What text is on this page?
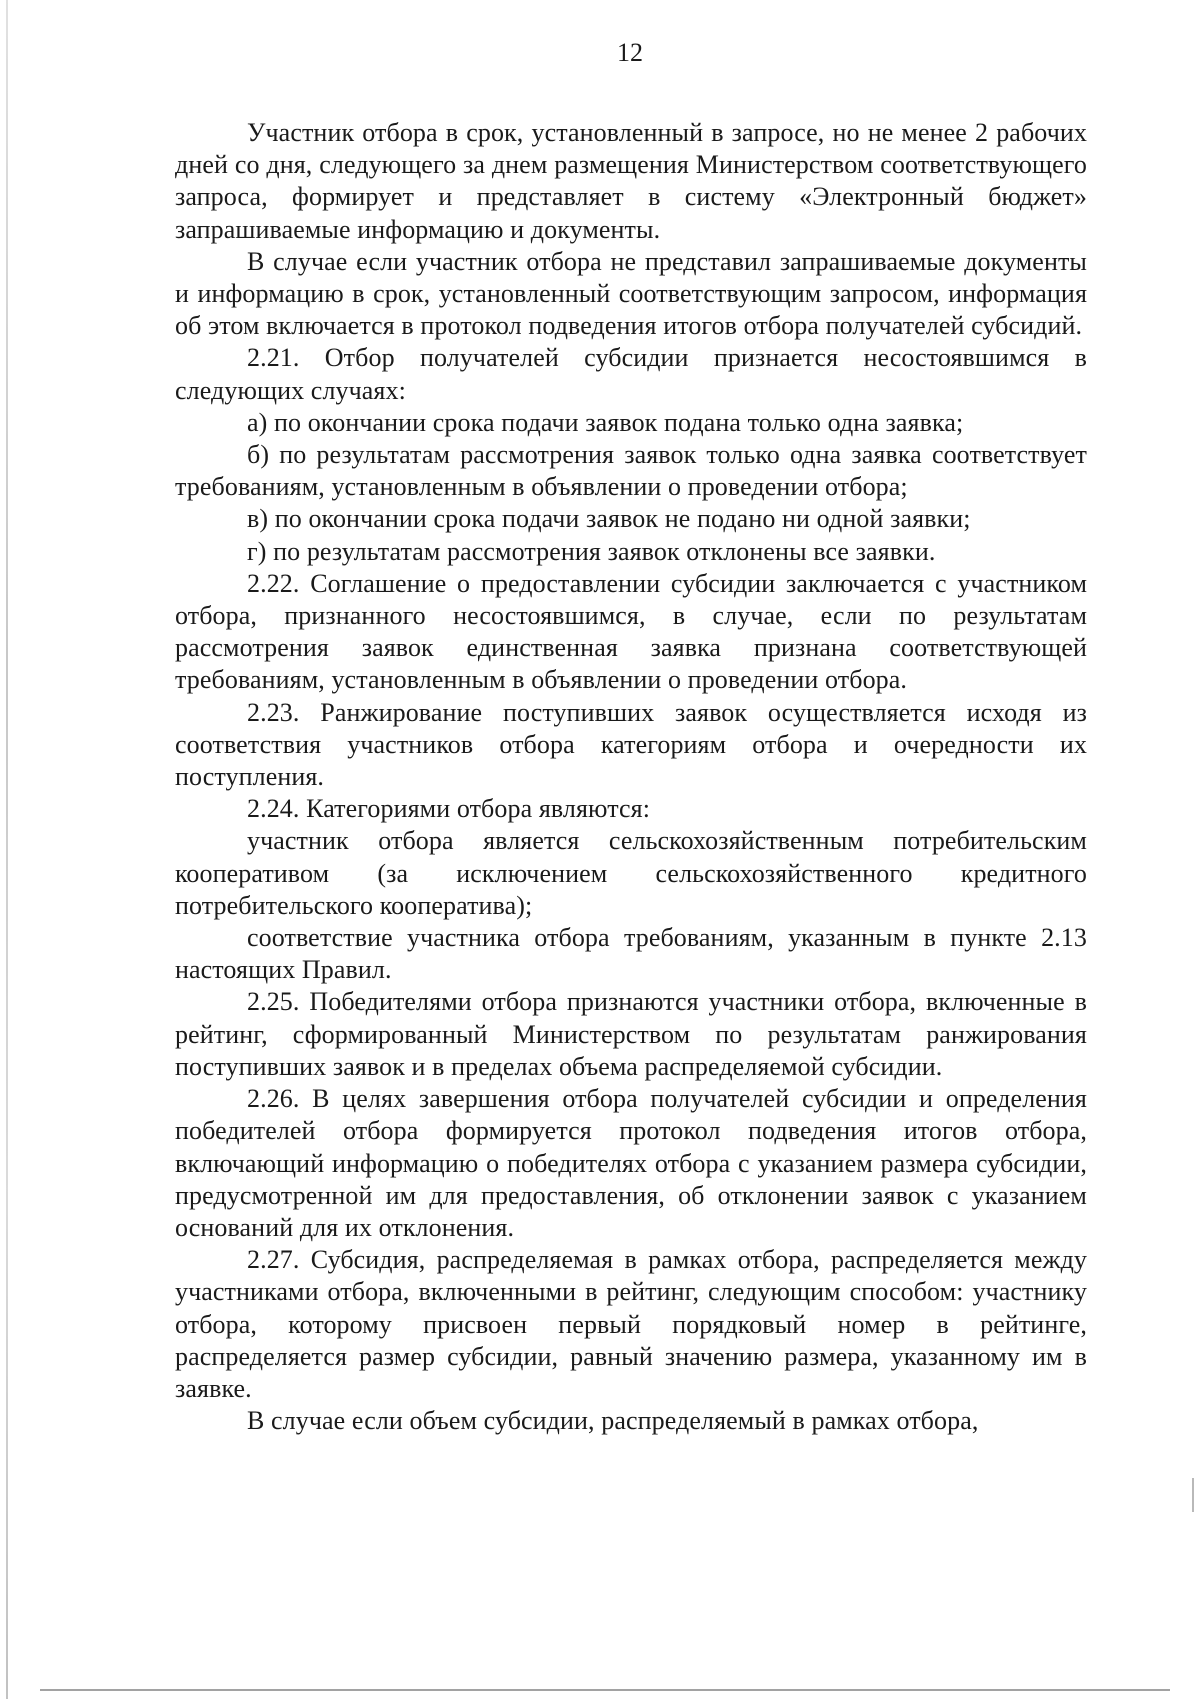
12

Участник отбора в срок, установленный в запросе, но не менее 2 рабочих дней со дня, следующего за днем размещения Министерством соответствующего запроса, формирует и представляет в систему «Электронный бюджет» запрашиваемые информацию и документы.

В случае если участник отбора не представил запрашиваемые документы и информацию в срок, установленный соответствующим запросом, информация об этом включается в протокол подведения итогов отбора получателей субсидий.

2.21. Отбор получателей субсидии признается несостоявшимся в следующих случаях:

а) по окончании срока подачи заявок подана только одна заявка;

б) по результатам рассмотрения заявок только одна заявка соответствует требованиям, установленным в объявлении о проведении отбора;

в) по окончании срока подачи заявок не подано ни одной заявки;

г) по результатам рассмотрения заявок отклонены все заявки.

2.22. Соглашение о предоставлении субсидии заключается с участником отбора, признанного несостоявшимся, в случае, если по результатам рассмотрения заявок единственная заявка признана соответствующей требованиям, установленным в объявлении о проведении отбора.

2.23. Ранжирование поступивших заявок осуществляется исходя из соответствия участников отбора категориям отбора и очередности их поступления.

2.24. Категориями отбора являются:

участник отбора является сельскохозяйственным потребительским кооперативом (за исключением сельскохозяйственного кредитного потребительского кооператива);

соответствие участника отбора требованиям, указанным в пункте 2.13 настоящих Правил.

2.25. Победителями отбора признаются участники отбора, включенные в рейтинг, сформированный Министерством по результатам ранжирования поступивших заявок и в пределах объема распределяемой субсидии.

2.26. В целях завершения отбора получателей субсидии и определения победителей отбора формируется протокол подведения итогов отбора, включающий информацию о победителях отбора с указанием размера субсидии, предусмотренной им для предоставления, об отклонении заявок с указанием оснований для их отклонения.

2.27. Субсидия, распределяемая в рамках отбора, распределяется между участниками отбора, включенными в рейтинг, следующим способом: участнику отбора, которому присвоен первый порядковый номер в рейтинге, распределяется размер субсидии, равный значению размера, указанному им в заявке.

В случае если объем субсидии, распределяемый в рамках отбора,
